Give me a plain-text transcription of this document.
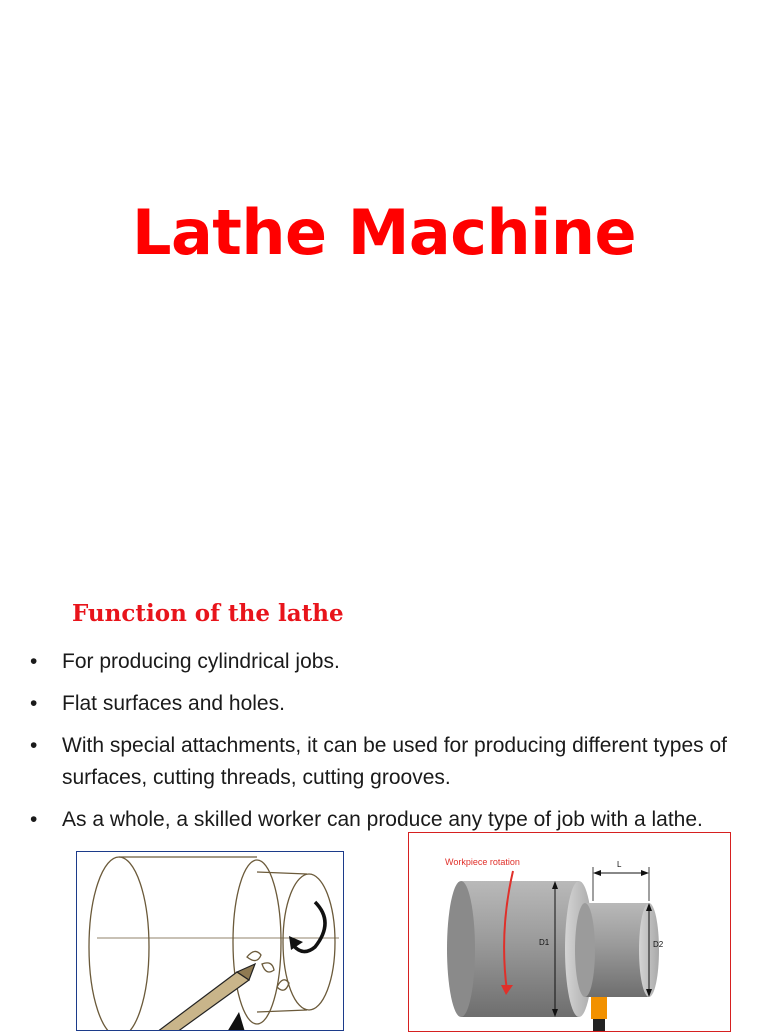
Lathe Machine
Function of the lathe
• For producing cylindrical jobs.
• Flat surfaces and holes.
• With special attachments, it can be used for producing different types of surfaces, cutting threads, cutting grooves.
• As a whole, a skilled worker can produce any type of job with a lathe.
Workpiece rotation
D1	D2
L
